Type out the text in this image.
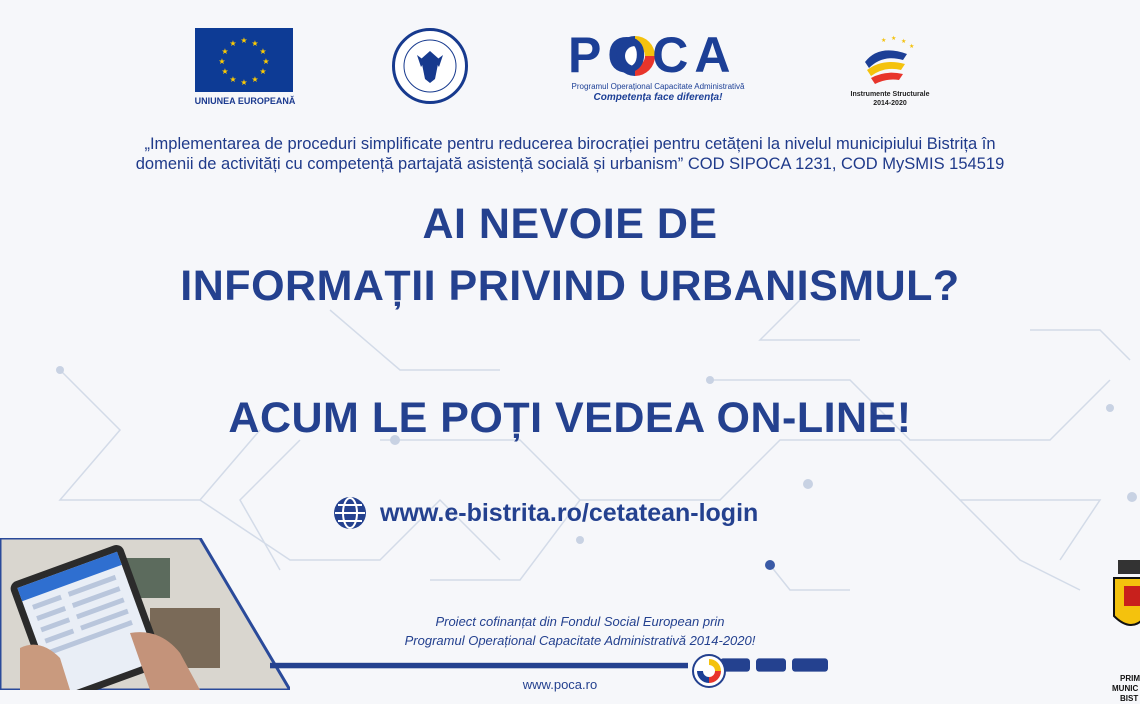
★ ★
★
★
★
★
★
★
★
★
★
★
UNIUNEA EUROPEANĂ
POCA
Programul Operațional Capacitate Administrativă
Competența face diferența!
★ ★ ★
★
Instrumente Structurale
2014-2020
„Implementarea de proceduri simplificate pentru reducerea birocrației pentru cetățeni la nivelul municipiului Bistrița în
domenii de activități cu competență partajată asistență socială și urbanism” COD SIPOCA 1231, COD MySMIS 154519
AI NEVOIE DE
INFORMAȚII PRIVIND URBANISMUL?
ACUM LE POȚI VEDEA ON-LINE!
www.e-bistrita.ro/cetatean-login
Proiect cofinanțat din Fondul Social European prin
Programul Operațional Capacitate Administrativă 2014-2020!
www.poca.ro	PRIM
MUNIC
BIST
